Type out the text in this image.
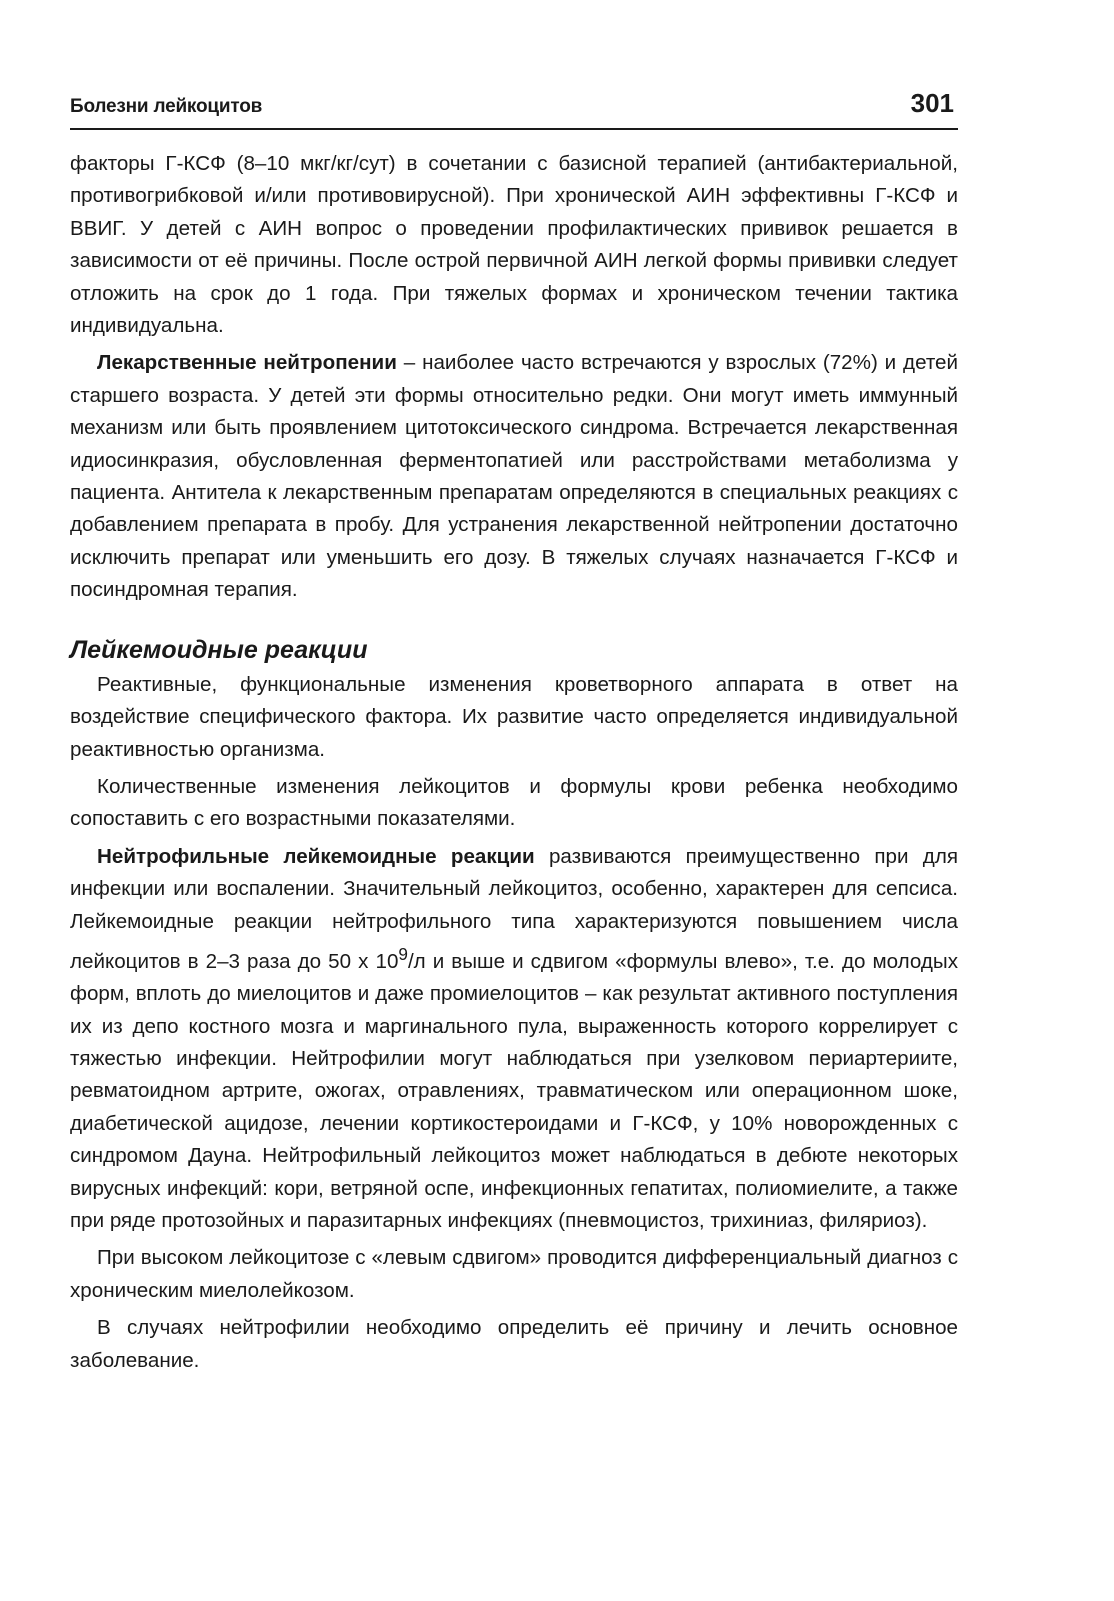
Болезни лейкоцитов	301

факторы Г-КСФ (8–10 мкг/кг/сут) в сочетании с базисной терапией (антибактериальной, противогрибковой и/или противовирусной). При хронической АИН эффективны Г-КСФ и ВВИГ. У детей с АИН вопрос о проведении профилактических прививок решается в зависимости от её причины. После острой первичной АИН легкой формы прививки следует отложить на срок до 1 года. При тяжелых формах и хроническом течении тактика индивидуальна.

Лекарственные нейтропении – наиболее часто встречаются у взрослых (72%) и детей старшего возраста. У детей эти формы относительно редки. Они могут иметь иммунный механизм или быть проявлением цитотоксического синдрома. Встречается лекарственная идиосинкразия, обусловленная ферментопатией или расстройствами метаболизма у пациента. Антитела к лекарственным препаратам определяются в специальных реакциях с добавлением препарата в пробу. Для устранения лекарственной нейтропении достаточно исключить препарат или уменьшить его дозу. В тяжелых случаях назначается Г-КСФ и посиндромная терапия.

Лейкемоидные реакции

Реактивные, функциональные изменения кроветворного аппарата в ответ на воздействие специфического фактора. Их развитие часто определяется индивидуальной реактивностью организма.

Количественные изменения лейкоцитов и формулы крови ребенка необходимо сопоставить с его возрастными показателями.

Нейтрофильные лейкемоидные реакции развиваются преимущественно при для инфекции или воспалении. Значительный лейкоцитоз, особенно, характерен для сепсиса. Лейкемоидные реакции нейтрофильного типа характеризуются повышением числа лейкоцитов в 2–3 раза до 50 х $10^9/л$ и выше и сдвигом «формулы влево», т.е. до молодых форм, вплоть до миелоцитов и даже промиелоцитов – как результат активного поступления их из депо костного мозга и маргинального пула, выраженность которого коррелирует с тяжестью инфекции. Нейтрофилии могут наблюдаться при узелковом периартериите, ревматоидном артрите, ожогах, отравлениях, травматическом или операционном шоке, диабетической ацидозе, лечении кортикостероидами и Г-КСФ, у 10% новорожденных с синдромом Дауна. Нейтрофильный лейкоцитоз может наблюдаться в дебюте некоторых вирусных инфекций: кори, ветряной оспе, инфекционных гепатитах, полиомиелите, а также при ряде протозойных и паразитарных инфекциях (пневмоцистоз, трихиниаз, филяриоз).

При высоком лейкоцитозе с «левым сдвигом» проводится дифференциальный диагноз с хроническим миелолейкозом.

В случаях нейтрофилии необходимо определить её причину и лечить основное заболевание.
